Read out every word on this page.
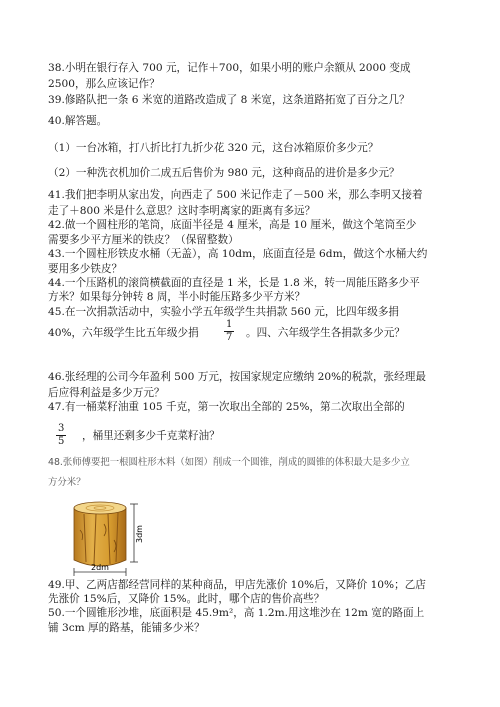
38.小明在银行存入 700 元，记作＋700，如果小明的账户余额从 2000 变成
2500，那么应该记作？
39.修路队把一条 6 米宽的道路改造成了 8 米宽，这条道路拓宽了百分之几？
40.解答题。
（1）一台冰箱，打八折比打九折少花 320 元，这台冰箱原价多少元？
（2）一种洗衣机加价二成五后售价为 980 元，这种商品的进价是多少元？
41.我们把李明从家出发，向西走了 500 米记作走了－500 米，那么李明又接着
走了＋800 米是什么意思？这时李明离家的距离有多远？
42.做一个圆柱形的笔筒，底面半径是 4 厘米，高是 10 厘米，做这个笔筒至少
需要多少平方厘米的铁皮？（保留整数）
43.一个圆柱形铁皮水桶（无盖），高 10dm，底面直径是 6dm，做这个水桶大约
要用多少铁皮？
44.一个压路机的滚筒横截面的直径是 1 米，长是 1.8 米，转一周能压路多少平
方米？如果每分钟转 8 周，半小时能压路多少平方米？
45.在一次捐款活动中，实验小学五年级学生共捐款 560 元，比四年级多捐
40%，六年级学生比五年级少捐	$\frac{1}{7}$ 。四、六年级学生各捐款多少元？
46.张经理的公司今年盈利 500 万元，按国家规定应缴纳 20%的税款，张经理最
后应得利益是多少万元？
47.有一桶菜籽油重 105 千克，第一次取出全部的 25%，第二次取出全部的
$\frac{3}{5}$ ，桶里还剩多少千克菜籽油？
48.张师傅要把一根圆柱形木料（如图）削成一个圆锥，削成的圆锥的体积最大是多少立
方分米？
3dm
2dm
49.甲、乙两店都经营同样的某种商品，甲店先涨价 10%后，又降价 10%；乙店
先涨价 15%后，又降价 15%。此时，哪个店的售价高些？
50.一个圆锥形沙堆，底面积是 45.9m²，高 1.2m.用这堆沙在 12m 宽的路面上
铺 3cm 厚的路基，能铺多少米？
